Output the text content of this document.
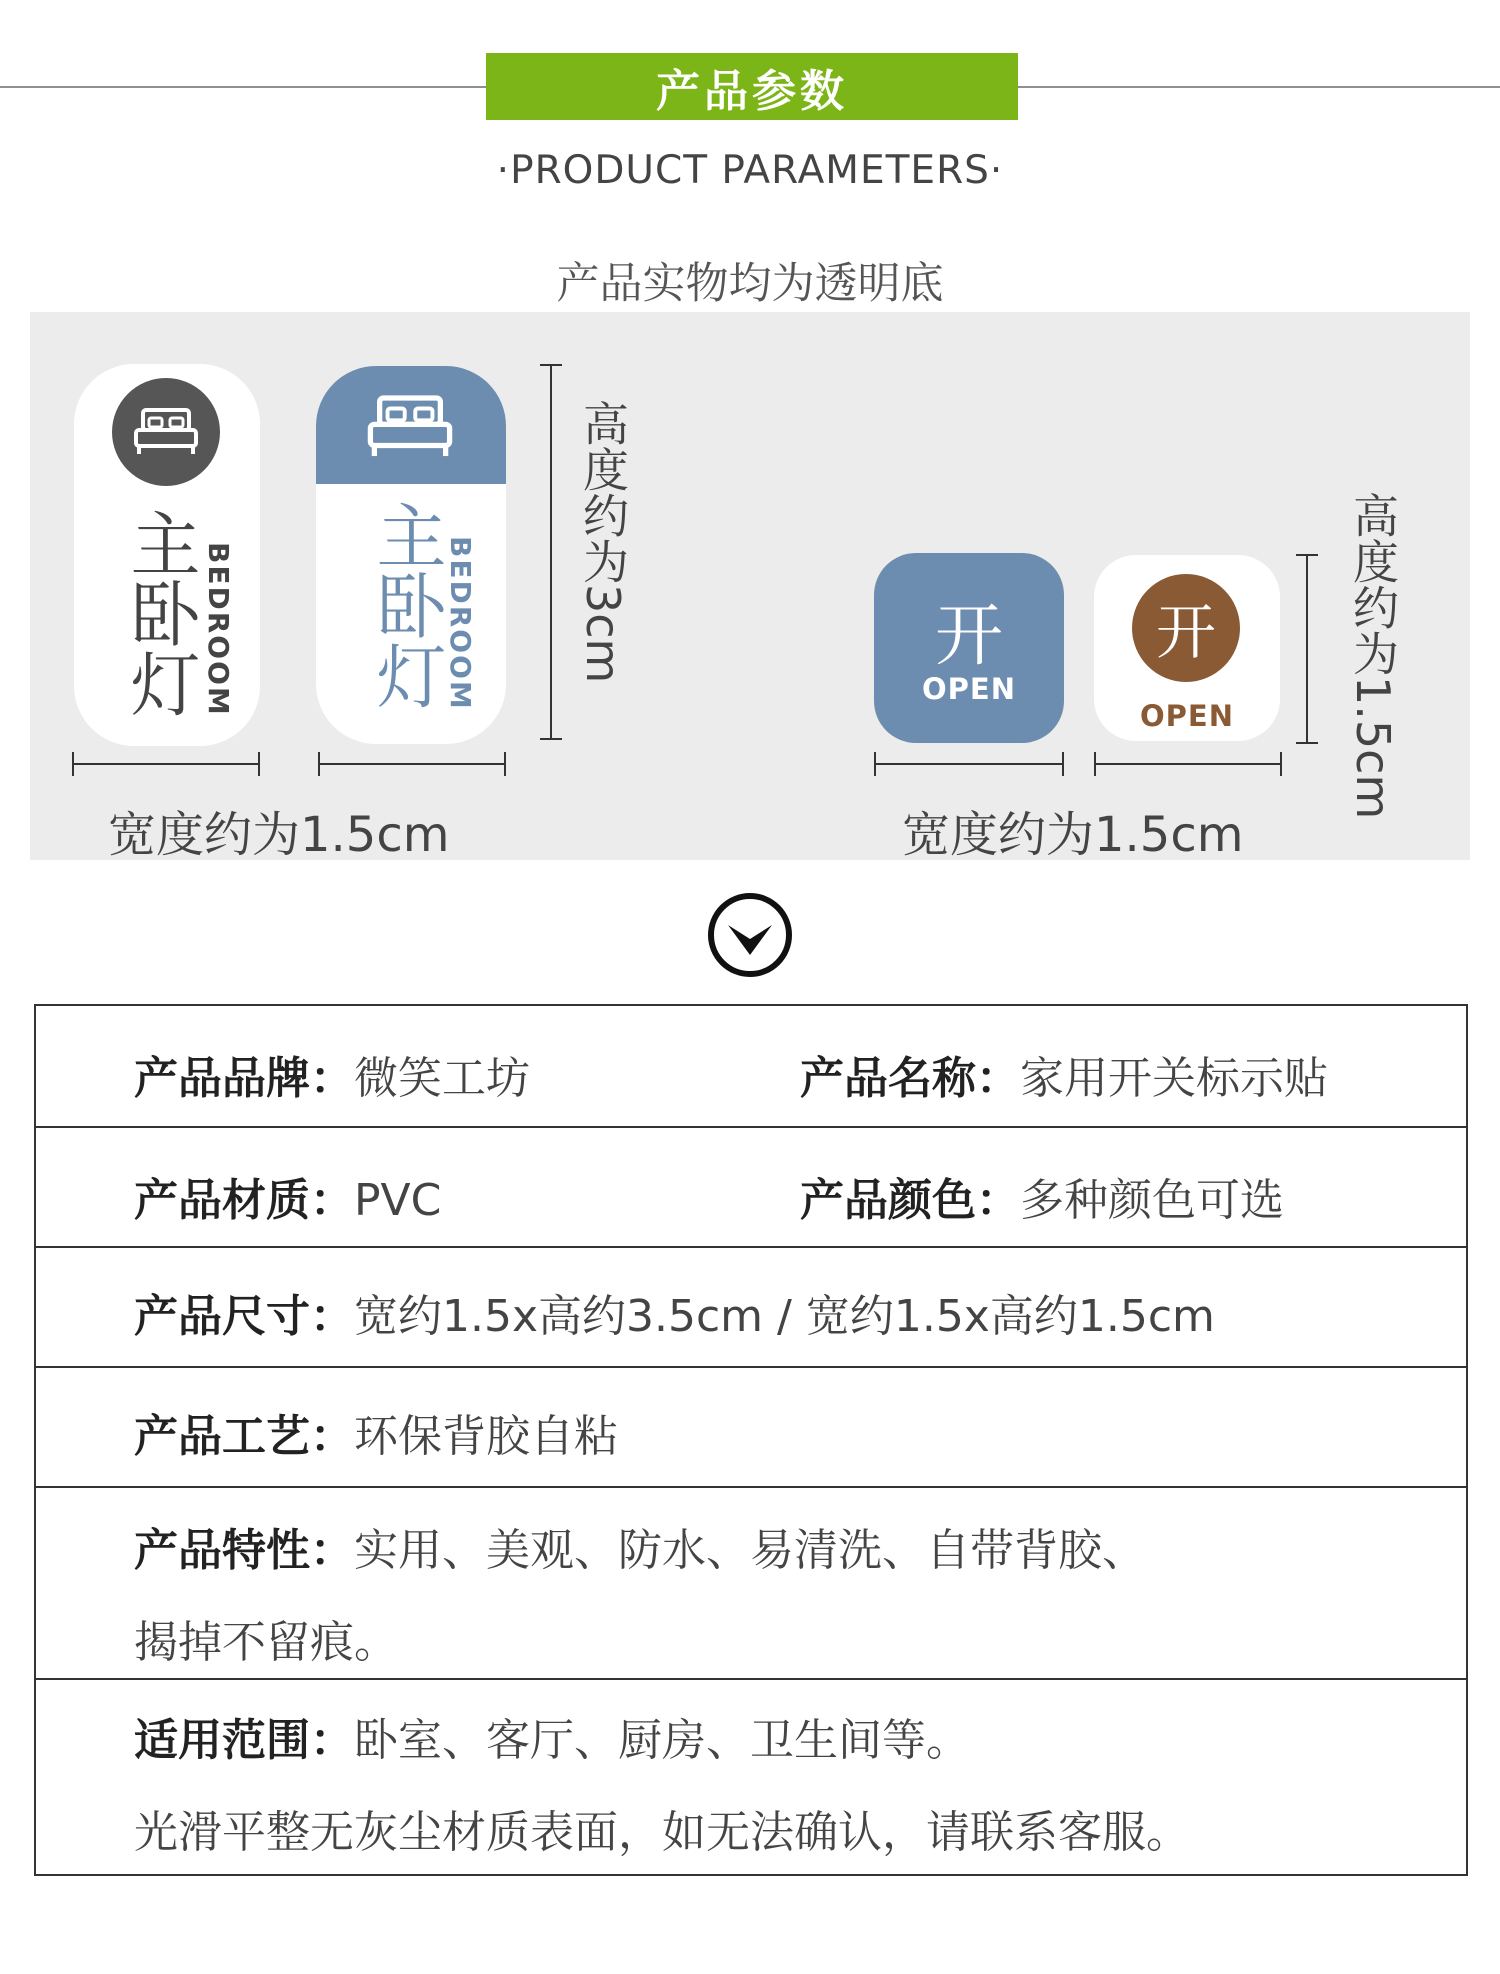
产品参数
·PRODUCT PARAMETERS·
产品实物均为透明底
主卧灯 BEDROOM 主卧灯
BEDROOM
宽度约为1.5cm
高度约为3cm	开
OPEN
开
OPEN
宽度约为1.5cm
高度约为1.5cm
产品品牌：微笑工坊	产品名称：家用开关标示贴
产品材质：PVC	产品颜色：多种颜色可选
产品尺寸：宽约1.5x高约3.5cm / 宽约1.5x高约1.5cm
产品工艺：环保背胶自粘
产品特性：实用、美观、防水、易清洗、自带背胶、
揭掉不留痕。
适用范围：卧室、客厅、厨房、卫生间等。
光滑平整无灰尘材质表面，如无法确认，请联系客服。
